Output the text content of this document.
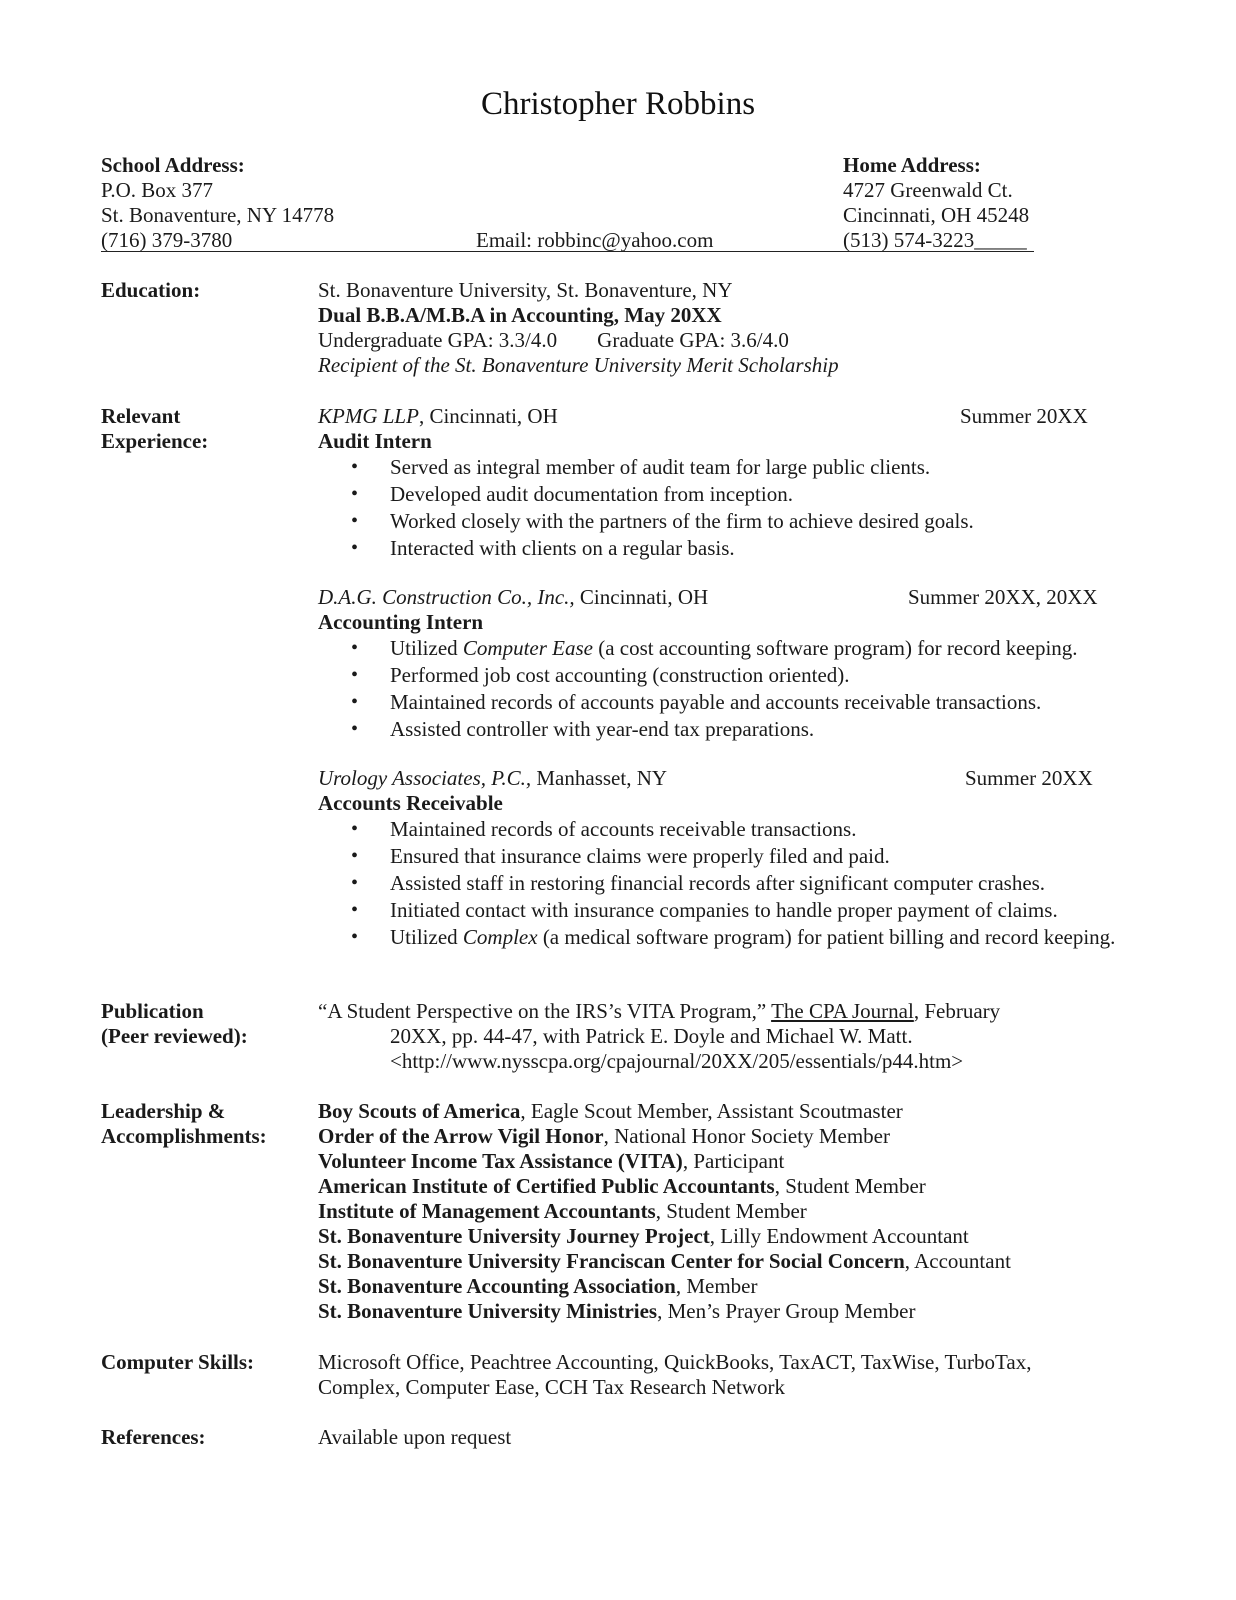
Christopher Robbins
School Address:
P.O. Box 377
St. Bonaventure, NY 14778
(716) 379-3780	Email: robbinc@yahoo.com
Home Address:
4727 Greenwald Ct.
Cincinnati, OH 45248
(513) 574-3223_____
Education:	St. Bonaventure University, St. Bonaventure, NY
Dual B.B.A/M.B.A in Accounting, May 20XX
Undergraduate GPA: 3.3/4.0 Graduate GPA: 3.6/4.0
Recipient of the St. Bonaventure University Merit Scholarship
Relevant
Experience:
KPMG LLP, Cincinnati, OH	Summer 20XX
Audit Intern
• Served as integral member of audit team for large public clients.
• Developed audit documentation from inception.
• Worked closely with the partners of the firm to achieve desired goals.
• Interacted with clients on a regular basis.
D.A.G. Construction Co., Inc., Cincinnati, OH	Summer 20XX, 20XX
Accounting Intern
• Utilized Computer Ease (a cost accounting software program) for record keeping.
• Performed job cost accounting (construction oriented).
• Maintained records of accounts payable and accounts receivable transactions.
• Assisted controller with year-end tax preparations.
Urology Associates, P.C., Manhasset, NY	Summer 20XX
Accounts Receivable
• Maintained records of accounts receivable transactions.
• Ensured that insurance claims were properly filed and paid.
• Assisted staff in restoring financial records after significant computer crashes.
• Initiated contact with insurance companies to handle proper payment of claims.
• Utilized Complex (a medical software program) for patient billing and record keeping.
Publication
(Peer reviewed):
“A Student Perspective on the IRS’s VITA Program,” The CPA Journal, February
20XX, pp. 44-47, with Patrick E. Doyle and Michael W. Matt.
<http://www.nysscpa.org/cpajournal/20XX/205/essentials/p44.htm>
Leadership &
Accomplishments:
Boy Scouts of America, Eagle Scout Member, Assistant Scoutmaster
Order of the Arrow Vigil Honor, National Honor Society Member
Volunteer Income Tax Assistance (VITA), Participant
American Institute of Certified Public Accountants, Student Member
Institute of Management Accountants, Student Member
St. Bonaventure University Journey Project, Lilly Endowment Accountant
St. Bonaventure University Franciscan Center for Social Concern, Accountant
St. Bonaventure Accounting Association, Member
St. Bonaventure University Ministries, Men’s Prayer Group Member
Computer Skills:	Microsoft Office, Peachtree Accounting, QuickBooks, TaxACT, TaxWise, TurboTax, Complex, Computer Ease, CCH Tax Research Network
References:	Available upon request
